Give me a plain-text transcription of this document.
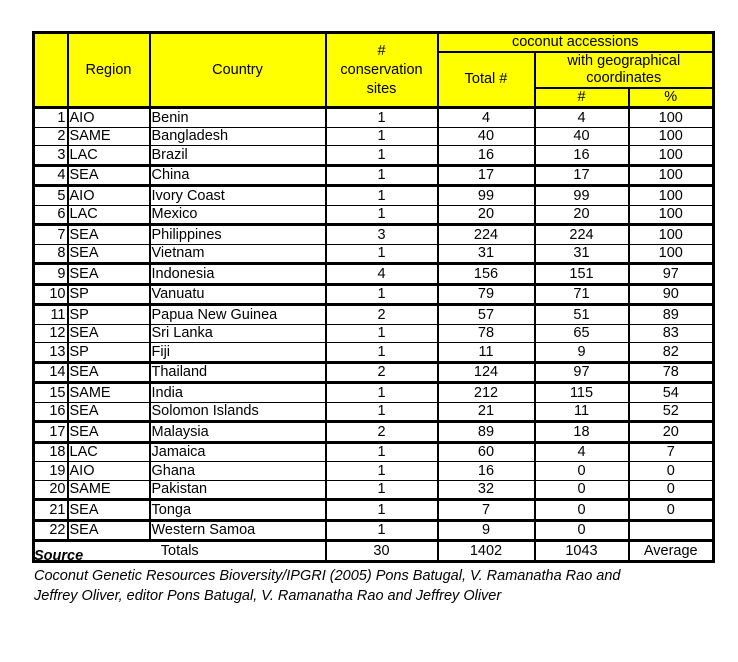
	Region	Country	#
conservation
sites	coconut accessions		
				Total #	with geographical
coordinates	
					#	%
1	AIO	Benin	1	4	4	100
2	SAME	Bangladesh	1	40	40	100
3	LAC	Brazil	1	16	16	100
4	SEA	China	1	17	17	100
5	AIO	Ivory Coast	1	99	99	100
6	LAC	Mexico	1	20	20	100
7	SEA	Philippines	3	224	224	100
8	SEA	Vietnam	1	31	31	100
9	SEA	Indonesia	4	156	151	97
10	SP	Vanuatu	1	79	71	90
11	SP	Papua New Guinea	2	57	51	89
12	SEA	Sri Lanka	1	78	65	83
13	SP	Fiji	1	11	9	82
14	SEA	Thailand	2	124	97	78
15	SAME	India	1	212	115	54
16	SEA	Solomon Islands	1	21	11	52
17	SEA	Malaysia	2	89	18	20
18	LAC	Jamaica	1	60	4	7
19	AIO	Ghana	1	16	0	0
20	SAME	Pakistan	1	32	0	0
21	SEA	Tonga	1	7	0	0
22	SEA	Western Samoa	1	9	0	
Totals			30	1402	1043	Average
Source
Coconut Genetic Resources Bioversity/IPGRI (2005) Pons Batugal, V. Ramanatha Rao and Jeffrey Oliver, editor Pons Batugal, V. Ramanatha Rao and Jeffrey Oliver
